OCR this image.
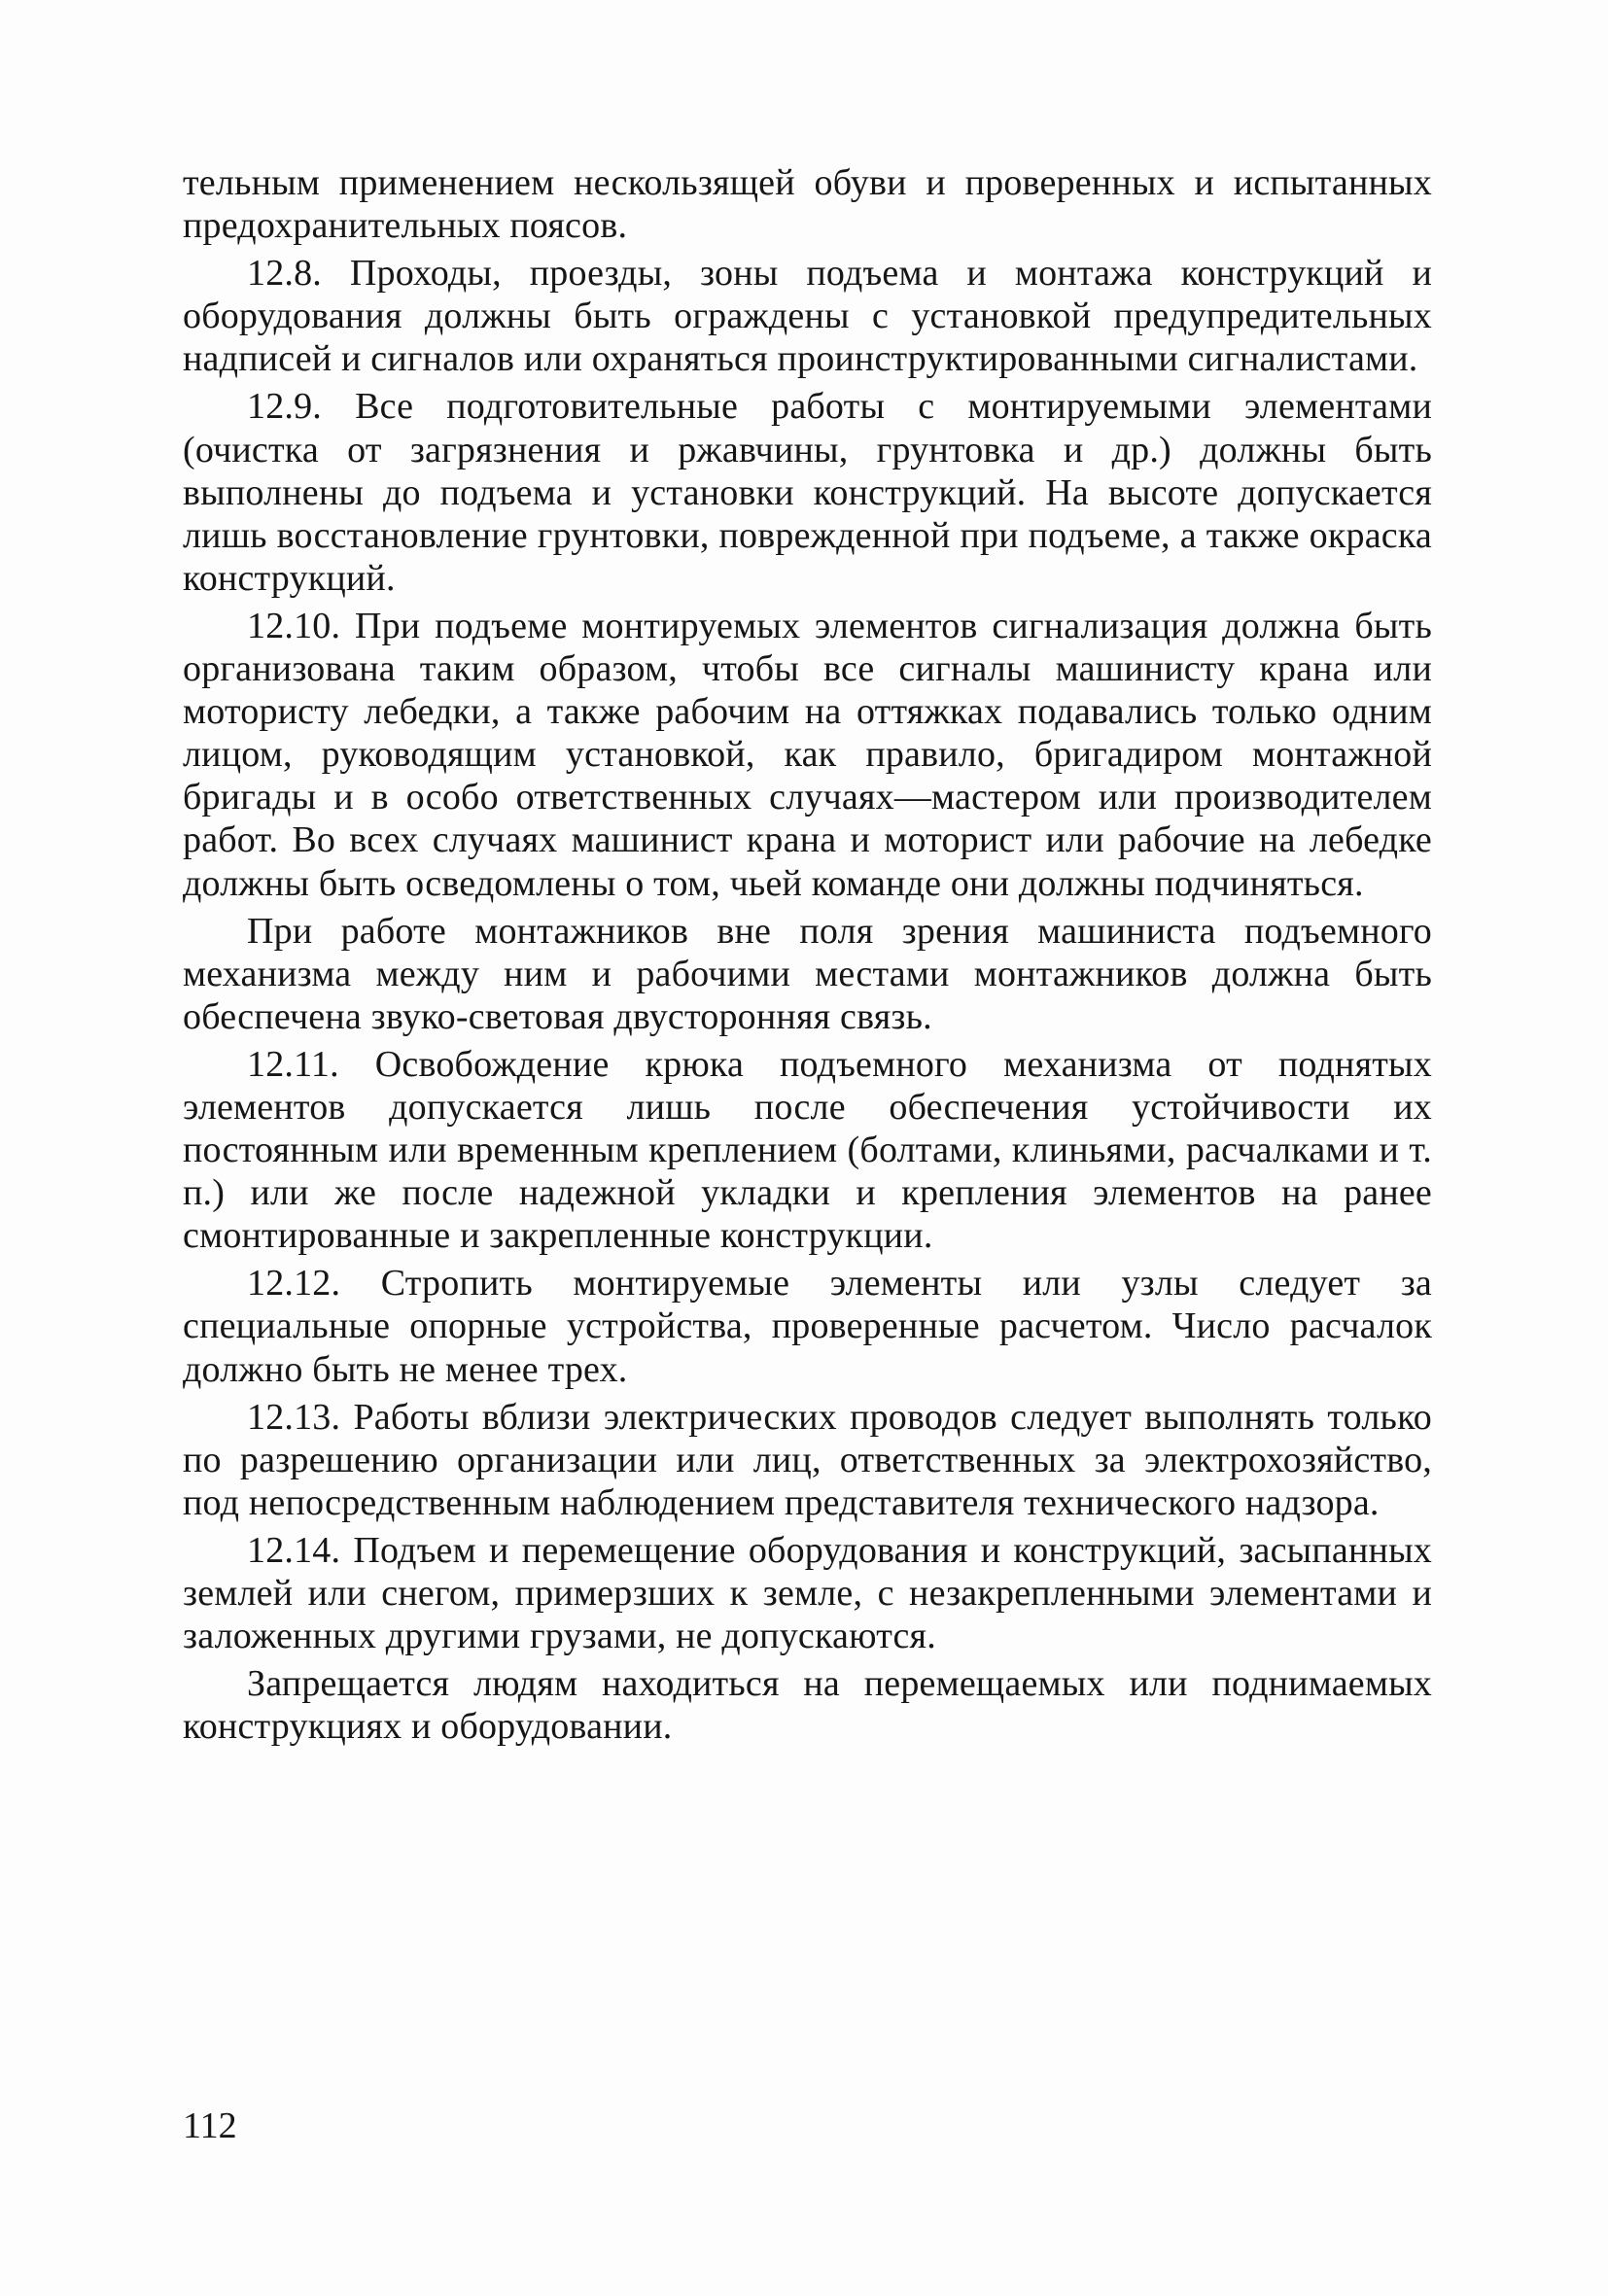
тельным применением нескользящей обуви и проверенных и испытанных предохранительных поясов.

12.8. Проходы, проезды, зоны подъема и монтажа конструкций и оборудования должны быть ограждены с установкой предупредительных надписей и сигналов или охраняться проинструктированными сигналистами.

12.9. Все подготовительные работы с монтируемыми элементами (очистка от загрязнения и ржавчины, грунтовка и др.) должны быть выполнены до подъема и установки конструкций. На высоте допускается лишь восстановление грунтовки, поврежденной при подъеме, а также окраска конструкций.

12.10. При подъеме монтируемых элементов сигнализация должна быть организована таким образом, чтобы все сигналы машинисту крана или мотористу лебедки, а также рабочим на оттяжках подавались только одним лицом, руководящим установкой, как правило, бригадиром монтажной бригады и в особо ответственных случаях—мастером или производителем работ. Во всех случаях машинист крана и моторист или рабочие на лебедке должны быть осведомлены о том, чьей команде они должны подчиняться.

При работе монтажников вне поля зрения машиниста подъемного механизма между ним и рабочими местами монтажников должна быть обеспечена звуко-световая двусторонняя связь.

12.11. Освобождение крюка подъемного механизма от поднятых элементов допускается лишь после обеспечения устойчивости их постоянным или временным креплением (болтами, клиньями, расчалками и т. п.) или же после надежной укладки и крепления элементов на ранее смонтированные и закрепленные конструкции.

12.12. Стропить монтируемые элементы или узлы следует за специальные опорные устройства, проверенные расчетом. Число расчалок должно быть не менее трех.

12.13. Работы вблизи электрических проводов следует выполнять только по разрешению организации или лиц, ответственных за электрохозяйство, под непосредственным наблюдением представителя технического надзора.

12.14. Подъем и перемещение оборудования и конструкций, засыпанных землей или снегом, примерзших к земле, с незакрепленными элементами и заложенных другими грузами, не допускаются.

Запрещается людям находиться на перемещаемых или поднимаемых конструкциях и оборудовании.

112
